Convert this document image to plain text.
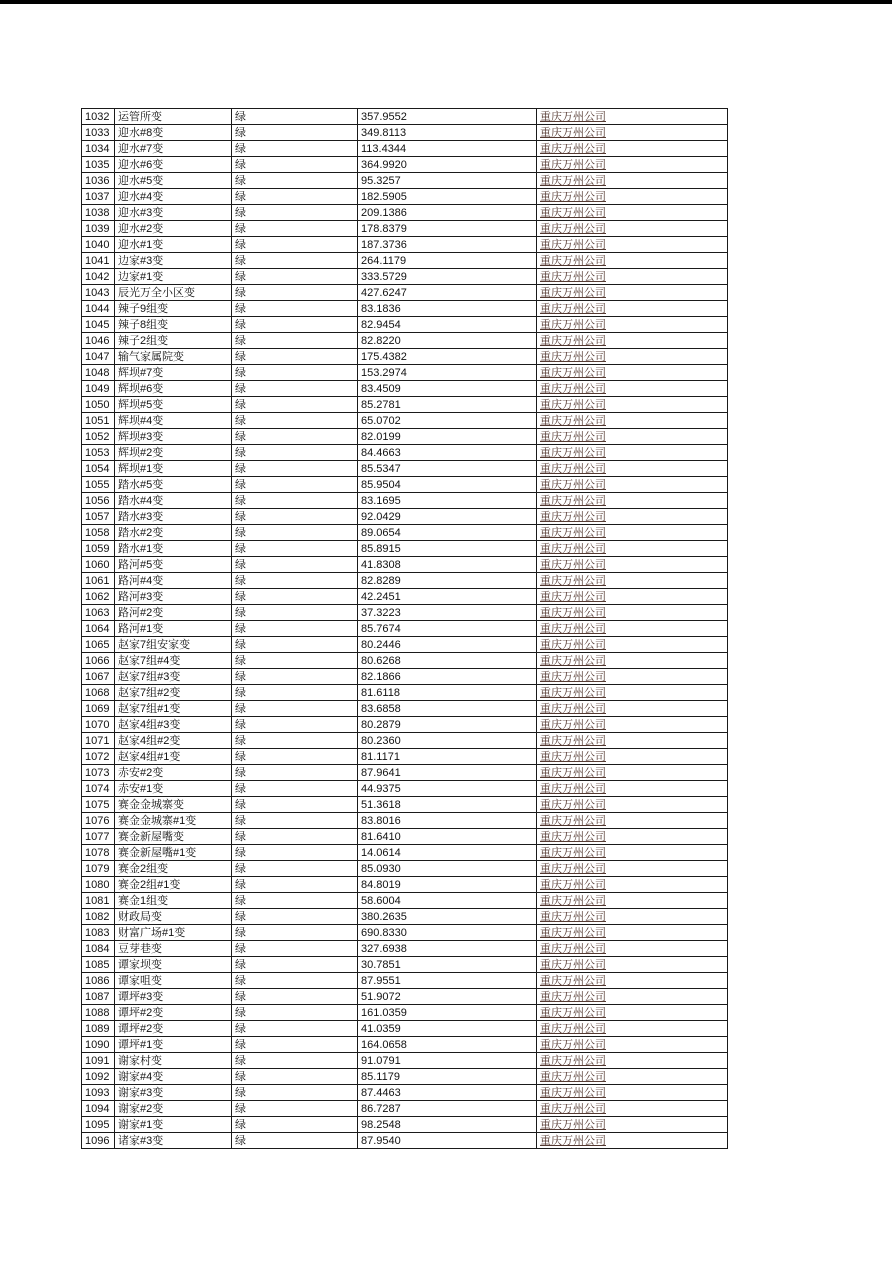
1032	运管所变	绿	357.9552	重庆万州公司
1033	迎水#8变	绿	349.8113	重庆万州公司
1034	迎水#7变	绿	113.4344	重庆万州公司
1035	迎水#6变	绿	364.9920	重庆万州公司
1036	迎水#5变	绿	95.3257	重庆万州公司
1037	迎水#4变	绿	182.5905	重庆万州公司
1038	迎水#3变	绿	209.1386	重庆万州公司
1039	迎水#2变	绿	178.8379	重庆万州公司
1040	迎水#1变	绿	187.3736	重庆万州公司
1041	边家#3变	绿	264.1179	重庆万州公司
1042	边家#1变	绿	333.5729	重庆万州公司
1043	辰光万全小区变	绿	427.6247	重庆万州公司
1044	辣子9组变	绿	83.1836	重庆万州公司
1045	辣子8组变	绿	82.9454	重庆万州公司
1046	辣子2组变	绿	82.8220	重庆万州公司
1047	输气家属院变	绿	175.4382	重庆万州公司
1048	辉坝#7变	绿	153.2974	重庆万州公司
1049	辉坝#6变	绿	83.4509	重庆万州公司
1050	辉坝#5变	绿	85.2781	重庆万州公司
1051	辉坝#4变	绿	65.0702	重庆万州公司
1052	辉坝#3变	绿	82.0199	重庆万州公司
1053	辉坝#2变	绿	84.4663	重庆万州公司
1054	辉坝#1变	绿	85.5347	重庆万州公司
1055	踏水#5变	绿	85.9504	重庆万州公司
1056	踏水#4变	绿	83.1695	重庆万州公司
1057	踏水#3变	绿	92.0429	重庆万州公司
1058	踏水#2变	绿	89.0654	重庆万州公司
1059	踏水#1变	绿	85.8915	重庆万州公司
1060	路河#5变	绿	41.8308	重庆万州公司
1061	路河#4变	绿	82.8289	重庆万州公司
1062	路河#3变	绿	42.2451	重庆万州公司
1063	路河#2变	绿	37.3223	重庆万州公司
1064	路河#1变	绿	85.7674	重庆万州公司
1065	赵家7组安家变	绿	80.2446	重庆万州公司
1066	赵家7组#4变	绿	80.6268	重庆万州公司
1067	赵家7组#3变	绿	82.1866	重庆万州公司
1068	赵家7组#2变	绿	81.6118	重庆万州公司
1069	赵家7组#1变	绿	83.6858	重庆万州公司
1070	赵家4组#3变	绿	80.2879	重庆万州公司
1071	赵家4组#2变	绿	80.2360	重庆万州公司
1072	赵家4组#1变	绿	81.1171	重庆万州公司
1073	赤安#2变	绿	87.9641	重庆万州公司
1074	赤安#1变	绿	44.9375	重庆万州公司
1075	赛金金城寨变	绿	51.3618	重庆万州公司
1076	赛金金城寨#1变	绿	83.8016	重庆万州公司
1077	赛金新屋嘴变	绿	81.6410	重庆万州公司
1078	赛金新屋嘴#1变	绿	14.0614	重庆万州公司
1079	赛金2组变	绿	85.0930	重庆万州公司
1080	赛金2组#1变	绿	84.8019	重庆万州公司
1081	赛金1组变	绿	58.6004	重庆万州公司
1082	财政局变	绿	380.2635	重庆万州公司
1083	财富广场#1变	绿	690.8330	重庆万州公司
1084	豆芽巷变	绿	327.6938	重庆万州公司
1085	谭家坝变	绿	30.7851	重庆万州公司
1086	谭家咀变	绿	87.9551	重庆万州公司
1087	谭坪#3变	绿	51.9072	重庆万州公司
1088	谭坪#2变	绿	161.0359	重庆万州公司
1089	谭坪#2变	绿	41.0359	重庆万州公司
1090	谭坪#1变	绿	164.0658	重庆万州公司
1091	谢家村变	绿	91.0791	重庆万州公司
1092	谢家#4变	绿	85.1179	重庆万州公司
1093	谢家#3变	绿	87.4463	重庆万州公司
1094	谢家#2变	绿	86.7287	重庆万州公司
1095	谢家#1变	绿	98.2548	重庆万州公司
1096	诸家#3变	绿	87.9540	重庆万州公司
